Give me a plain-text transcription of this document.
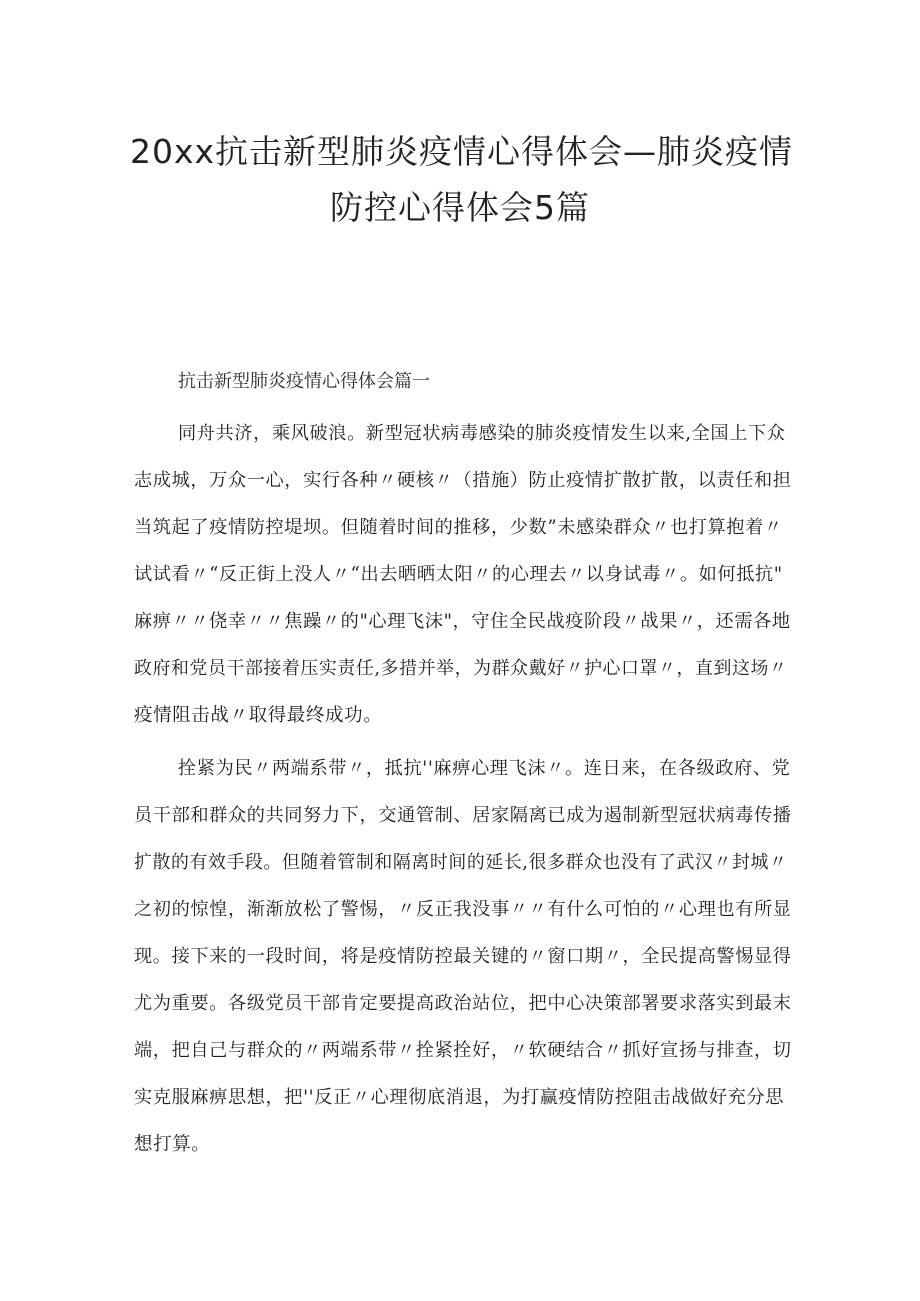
20xx抗击新型肺炎疫情心得体会—肺炎疫情
防控心得体会5篇

抗击新型肺炎疫情心得体会篇一

同舟共济，乘风破浪。新型冠状病毒感染的肺炎疫情发生以来,全国上下众

志成城，万众一心，实行各种〃硬核〃（措施）防止疫情扩散扩散，以责任和担

当筑起了疫情防控堤坝。但随着时间的推移，少数”未感染群众〃也打算抱着〃

试试看〃“反正街上没人〃“出去晒晒太阳〃的心理去〃以身试毒〃。如何抵抗"

麻痹〃〃侥幸〃〃焦躁〃的"心理飞沫"，守住全民战疫阶段〃战果〃，还需各地

政府和党员干部接着压实责任,多措并举，为群众戴好〃护心口罩〃，直到这场〃

疫情阻击战〃取得最终成功。

拴紧为民〃两端系带〃，抵抗''麻痹心理飞沫〃。连日来，在各级政府、党

员干部和群众的共同努力下，交通管制、居家隔离已成为遏制新型冠状病毒传播

扩散的有效手段。但随着管制和隔离时间的延长,很多群众也没有了武汉〃封城〃

之初的惊惶，渐渐放松了警惕，〃反正我没事〃〃有什么可怕的〃心理也有所显

现。接下来的一段时间，将是疫情防控最关键的〃窗口期〃，全民提高警惕显得

尤为重要。各级党员干部肯定要提高政治站位，把中心决策部署要求落实到最末

端，把自己与群众的〃两端系带〃拴紧拴好，〃软硬结合〃抓好宣扬与排查，切

实克服麻痹思想，把''反正〃心理彻底消退，为打赢疫情防控阻击战做好充分思

想打算。
